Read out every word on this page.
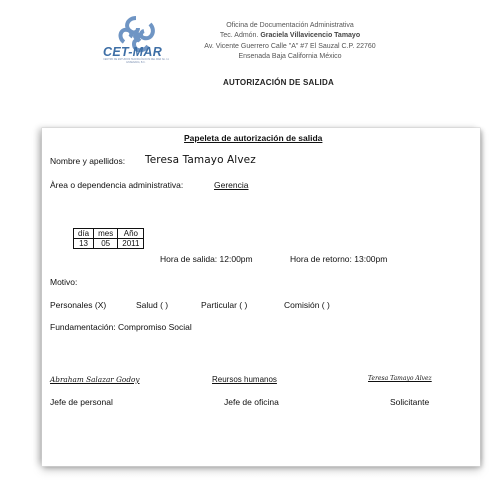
CET-MAR
CENTRO DE ESTUDIOS TECNOLÓGICOS DEL MAR No. 11 ENSENADA, B.C.
Oficina de Documentación Administrativa
Tec. Admón. Graciela Villavicencio Tamayo
Av. Vicente Guerrero Calle "A" #7 El Sauzal C.P. 22760
Ensenada Baja California México
AUTORIZACIÓN DE SALIDA
Papeleta de autorización de salida
Nombre y apellidos: Teresa Tamayo Alvez
Àrea o dependencia administrativa:	Gerencia
día	mes	Año
13	05	2011
Hora de salida: 12:00pm	Hora de retorno: 13:00pm
Motivo:
Personales (X)	Salud ( )	Particular ( )	Comisión ( )
Fundamentación: Compromiso Social
Abraham Salazar Godoy	Reursos humanos	Teresa Tamayo Alvez
Jefe de personal	Jefe de oficina	Solicitante
